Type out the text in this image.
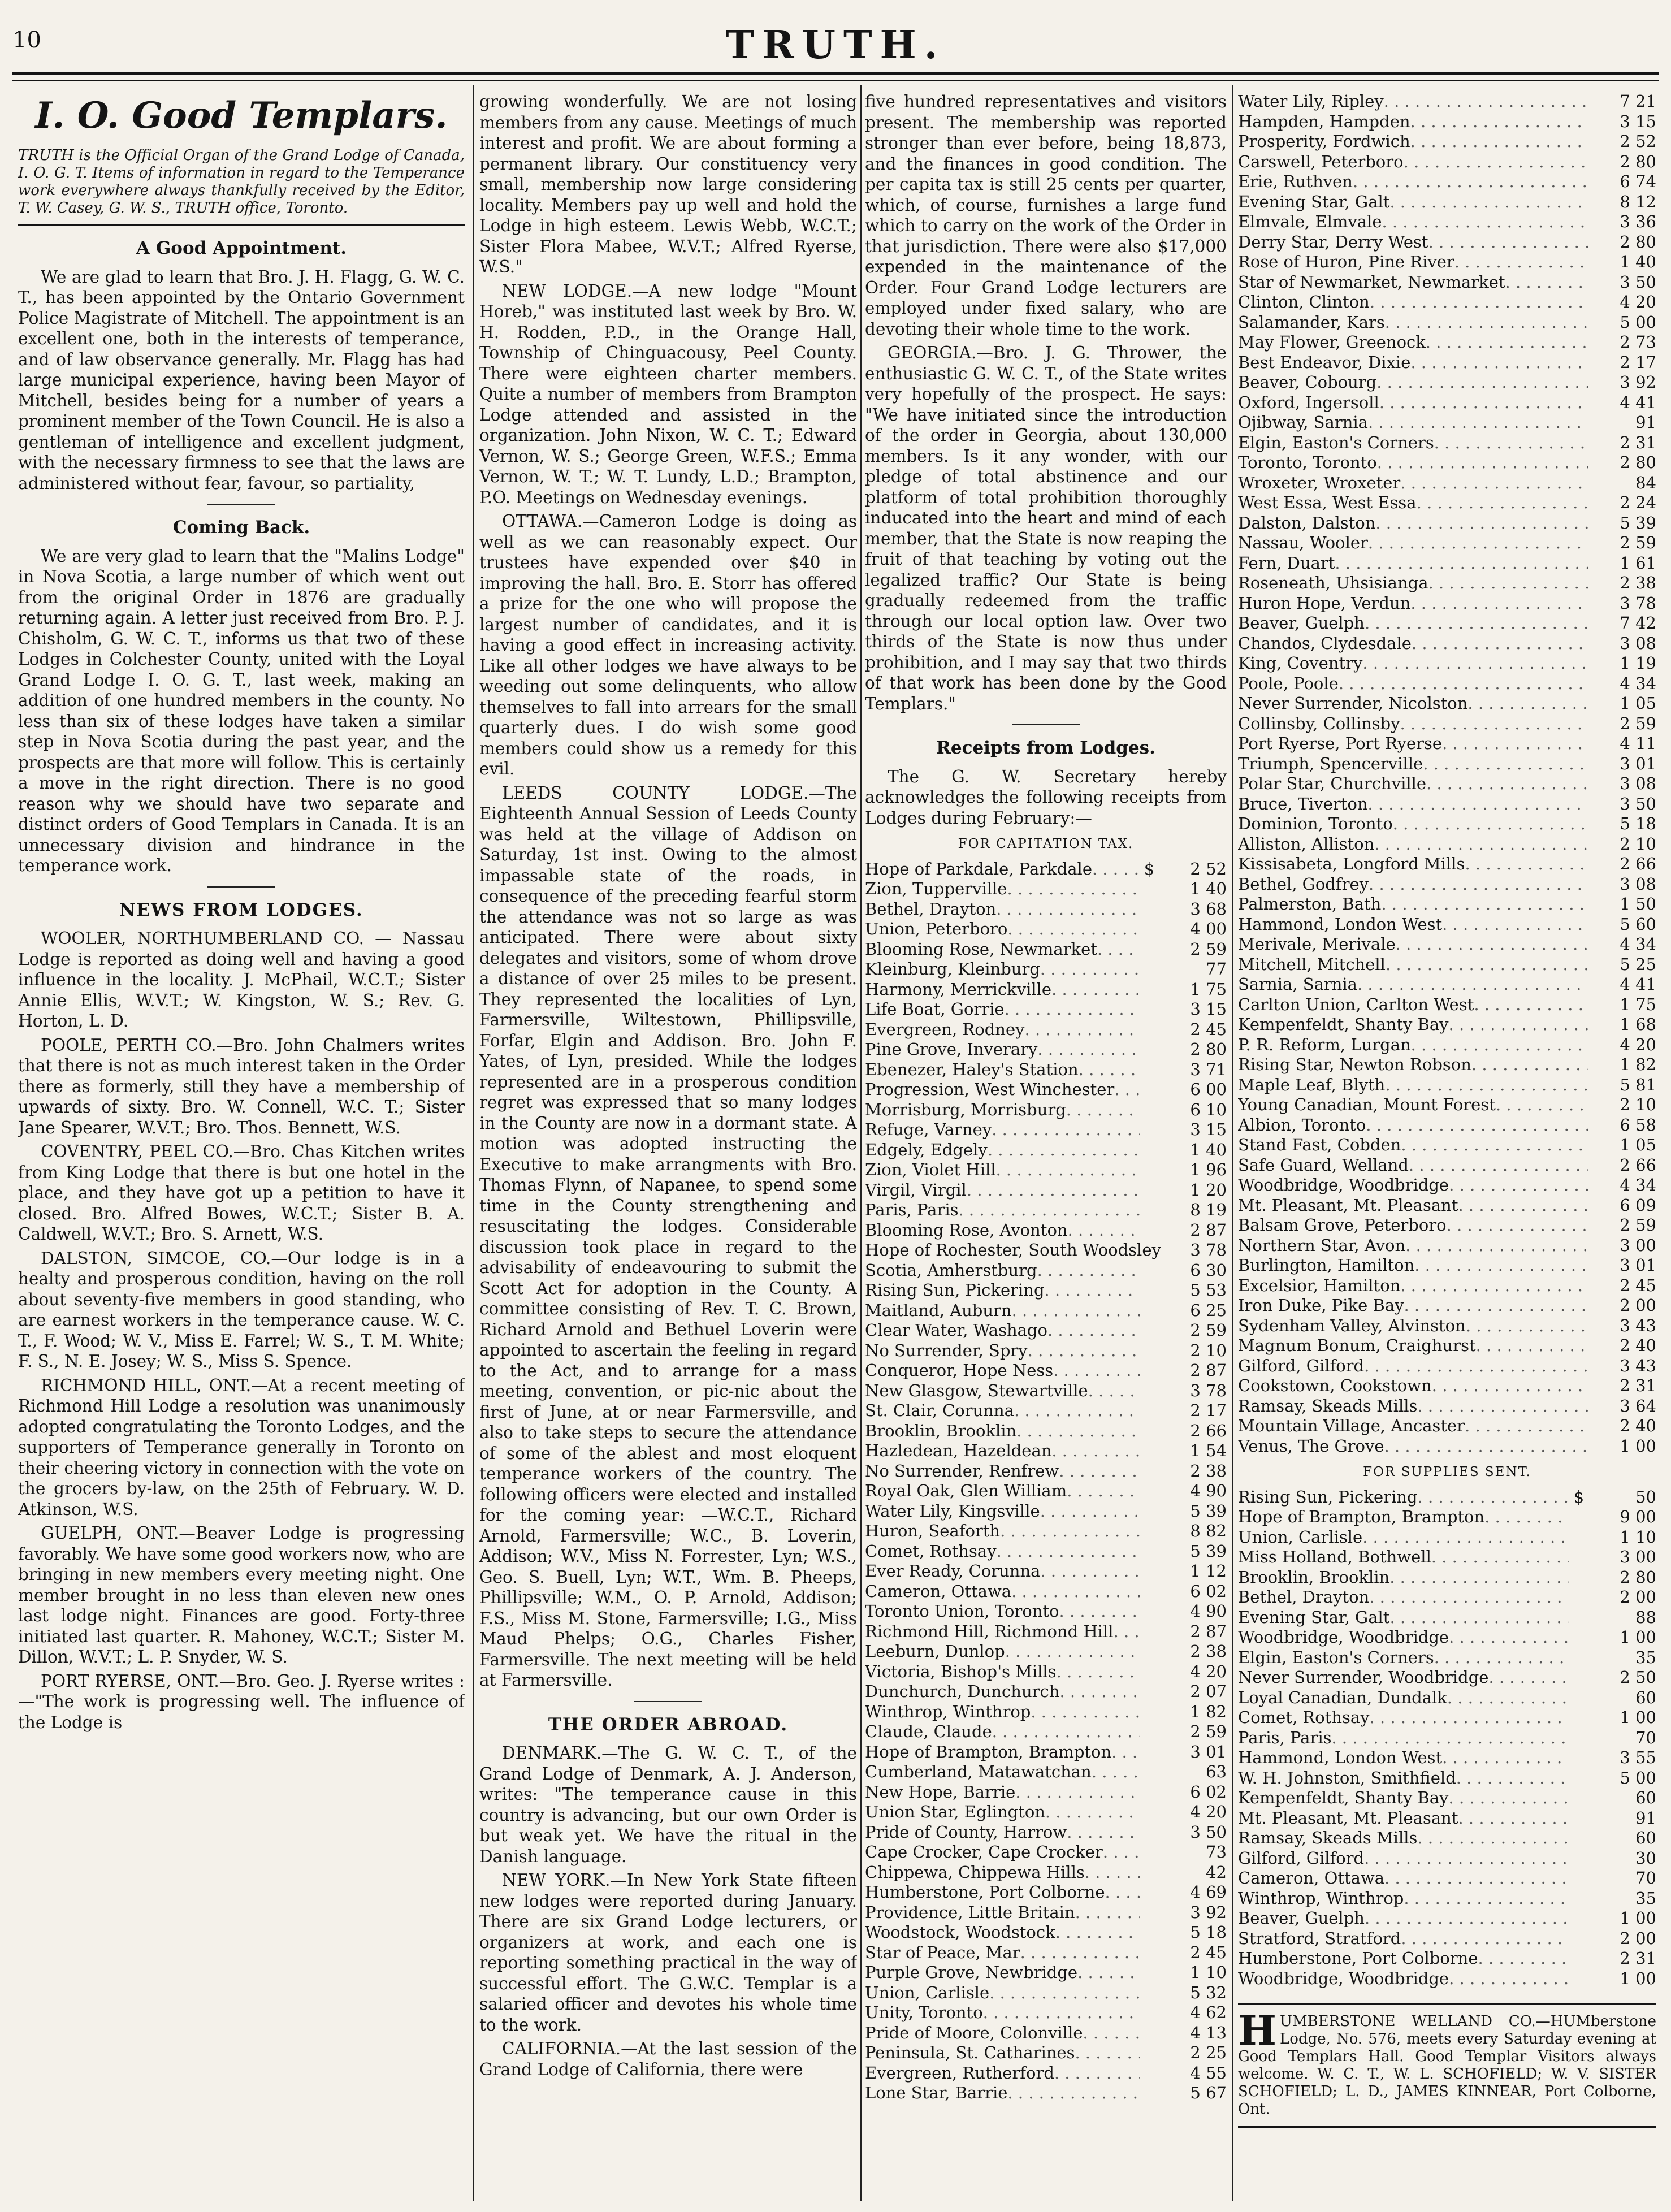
10	TRUTH.
I. O. Good Templars.
TRUTH is the Official Organ of the Grand Lodge of Canada, I. O. G. T. Items of information in regard to the Temperance work everywhere always thankfully received by the Editor, T. W. Casey, G. W. S., TRUTH office, Toronto.
A Good Appointment.

We are glad to learn that Bro. J. H. Flagg, G. W. C. T., has been appointed by the Ontario Government Police Magistrate of Mitchell. The appointment is an excellent one, both in the interests of temperance, and of law observance generally. Mr. Flagg has had large municipal experience, having been Mayor of Mitchell, besides being for a number of years a prominent member of the Town Council. He is also a gentleman of intelligence and excellent judgment, with the necessary firmness to see that the laws are administered without fear, favour, so partiality,

Coming Back.

We are very glad to learn that the "Malins Lodge" in Nova Scotia, a large number of which went out from the original Order in 1876 are gradually returning again. A letter just received from Bro. P. J. Chisholm, G. W. C. T., informs us that two of these Lodges in Colchester County, united with the Loyal Grand Lodge I. O. G. T., last week, making an addition of one hundred members in the county. No less than six of these lodges have taken a similar step in Nova Scotia during the past year, and the prospects are that more will follow. This is certainly a move in the right direction. There is no good reason why we should have two separate and distinct orders of Good Templars in Canada. It is an unnecessary division and hindrance in the temperance work.

NEWS FROM LODGES.

WOOLER, NORTHUMBERLAND CO. — Nassau Lodge is reported as doing well and having a good influence in the locality. J. McPhail, W.C.T.; Sister Annie Ellis, W.V.T.; W. Kingston, W. S.; Rev. G. Horton, L. D.

POOLE, PERTH CO.—Bro. John Chalmers writes that there is not as much interest taken in the Order there as formerly, still they have a membership of upwards of sixty. Bro. W. Connell, W.C. T.; Sister Jane Spearer, W.V.T.; Bro. Thos. Bennett, W.S.

COVENTRY, PEEL CO.—Bro. Chas Kitchen writes from King Lodge that there is but one hotel in the place, and they have got up a petition to have it closed. Bro. Alfred Bowes, W.C.T.; Sister B. A. Caldwell, W.V.T.; Bro. S. Arnett, W.S.

DALSTON, SIMCOE, CO.—Our lodge is in a healty and prosperous condition, having on the roll about seventy-five members in good standing, who are earnest workers in the temperance cause. W. C. T., F. Wood; W. V., Miss E. Farrel; W. S., T. M. White; F. S., N. E. Josey; W. S., Miss S. Spence.

RICHMOND HILL, ONT.—At a recent meeting of Richmond Hill Lodge a resolution was unanimously adopted congratulating the Toronto Lodges, and the supporters of Temperance generally in Toronto on their cheering victory in connection with the vote on the grocers by-law, on the 25th of February. W. D. Atkinson, W.S.

GUELPH, ONT.—Beaver Lodge is progressing favorably. We have some good workers now, who are bringing in new members every meeting night. One member brought in no less than eleven new ones last lodge night. Finances are good. Forty-three initiated last quarter. R. Mahoney, W.C.T.; Sister M. Dillon, W.V.T.; L. P. Snyder, W. S.

PORT RYERSE, ONT.—Bro. Geo. J. Ryerse writes :—"The work is progressing well. The influence of the Lodge is

growing wonderfully. We are not losing members from any cause. Meetings of much interest and profit. We are about forming a permanent library. Our constituency very small, membership now large considering locality. Members pay up well and hold the Lodge in high esteem. Lewis Webb, W.C.T.; Sister Flora Mabee, W.V.T.; Alfred Ryerse, W.S."

NEW LODGE.—A new lodge "Mount Horeb," was instituted last week by Bro. W. H. Rodden, P.D., in the Orange Hall, Township of Chinguacousy, Peel County. There were eighteen charter members. Quite a number of members from Brampton Lodge attended and assisted in the organization. John Nixon, W. C. T.; Edward Vernon, W. S.; George Green, W.F.S.; Emma Vernon, W. T.; W. T. Lundy, L.D.; Brampton, P.O. Meetings on Wednesday evenings.

OTTAWA.—Cameron Lodge is doing as well as we can reasonably expect. Our trustees have expended over $40 in improving the hall. Bro. E. Storr has offered a prize for the one who will propose the largest number of candidates, and it is having a good effect in increasing activity. Like all other lodges we have always to be weeding out some delinquents, who allow themselves to fall into arrears for the small quarterly dues. I do wish some good members could show us a remedy for this evil.

LEEDS COUNTY LODGE.—The Eighteenth Annual Session of Leeds County was held at the village of Addison on Saturday, 1st inst. Owing to the almost impassable state of the roads, in consequence of the preceding fearful storm the attendance was not so large as was anticipated. There were about sixty delegates and visitors, some of whom drove a distance of over 25 miles to be present. They represented the localities of Lyn, Farmersville, Wiltestown, Phillipsville, Forfar, Elgin and Addison. Bro. John F. Yates, of Lyn, presided. While the lodges represented are in a prosperous condition regret was expressed that so many lodges in the County are now in a dormant state. A motion was adopted instructing the Executive to make arrangments with Bro. Thomas Flynn, of Napanee, to spend some time in the County strengthening and resuscitating the lodges. Considerable discussion took place in regard to the advisability of endeavouring to submit the Scott Act for adoption in the County. A committee consisting of Rev. T. C. Brown, Richard Arnold and Bethuel Loverin were appointed to ascertain the feeling in regard to the Act, and to arrange for a mass meeting, convention, or pic-nic about the first of June, at or near Farmersville, and also to take steps to secure the attendance of some of the ablest and most eloquent temperance workers of the country. The following officers were elected and installed for the coming year: —W.C.T., Richard Arnold, Farmersville; W.C., B. Loverin, Addison; W.V., Miss N. Forrester, Lyn; W.S., Geo. S. Buell, Lyn; W.T., Wm. B. Pheeps, Phillipsville; W.M., O. P. Arnold, Addison; F.S., Miss M. Stone, Farmersville; I.G., Miss Maud Phelps; O.G., Charles Fisher, Farmersville. The next meeting will be held at Farmersville.

THE ORDER ABROAD.

DENMARK.—The G. W. C. T., of the Grand Lodge of Denmark, A. J. Anderson, writes: "The temperance cause in this country is advancing, but our own Order is but weak yet. We have the ritual in the Danish language.

NEW YORK.—In New York State fifteen new lodges were reported during January. There are six Grand Lodge lecturers, or organizers at work, and each one is reporting something practical in the way of successful effort. The G.W.C. Templar is a salaried officer and devotes his whole time to the work.

CALIFORNIA.—At the last session of the Grand Lodge of California, there were

five hundred representatives and visitors present. The membership was reported stronger than ever before, being 18,873, and the finances in good condition. The per capita tax is still 25 cents per quarter, which, of course, furnishes a large fund which to carry on the work of the Order in that jurisdiction. There were also $17,000 expended in the maintenance of the Order. Four Grand Lodge lecturers are employed under fixed salary, who are devoting their whole time to the work.

GEORGIA.—Bro. J. G. Thrower, the enthusiastic G. W. C. T., of the State writes very hopefully of the prospect. He says: "We have initiated since the introduction of the order in Georgia, about 130,000 members. Is it any wonder, with our pledge of total abstinence and our platform of total prohibition thoroughly inducated into the heart and mind of each member, that the State is now reaping the fruit of that teaching by voting out the legalized traffic? Our State is being gradually redeemed from the traffic through our local option law. Over two thirds of the State is now thus under prohibition, and I may say that two thirds of that work has been done by the Good Templars."

Receipts from Lodges.

The G. W. Secretary hereby acknowledges the following receipts from Lodges during February:—

FOR CAPITATION TAX.
Hope of Parkdale, Parkdale . . .	$	2 52
Zion, Tupperville . . .	1 40
Bethel, Drayton . . .	3 68
Union, Peterboro . . .	4 00
Blooming Rose, Newmarket . . .	2 59
Kleinburg, Kleinburg . . .	77
Harmony, Merrickville . . .	1 75
Life Boat, Gorrie . . .	3 15
Evergreen, Rodney . . .	2 45
Pine Grove, Inverary . . .	2 80
Ebenezer, Haley's Station . . .	3 71
Progression, West Winchester . . .	6 00
Morrisburg, Morrisburg . . .	6 10
Refuge, Varney . . .	3 15
Edgely, Edgely . . .	1 40
Zion, Violet Hill . . .	1 96
Virgil, Virgil . . .	1 20
Paris, Paris . . .	8 19
Blooming Rose, Avonton . . .	2 87
Hope of Rochester, South Woodsley	3 78
Scotia, Amherstburg . . .	6 30
Rising Sun, Pickering . . .	5 53
Maitland, Auburn . . .	6 25
Clear Water, Washago . . .	2 59
No Surrender, Spry . . .	2 10
Conqueror, Hope Ness . . .	2 87
New Glasgow, Stewartville . . .	3 78
St. Clair, Corunna . . .	2 17
Brooklin, Brooklin . . .	2 66
Hazledean, Hazeldean . . .	1 54
No Surrender, Renfrew . . .	2 38
Royal Oak, Glen William . . .	4 90
Water Lily, Kingsville . . .	5 39
Huron, Seaforth . . .	8 82
Comet, Rothsay . . .	5 39
Ever Ready, Corunna . . .	1 12
Cameron, Ottawa . . .	6 02
Toronto Union, Toronto . . .	4 90
Richmond Hill, Richmond Hill . . .	2 87
Leeburn, Dunlop . . .	2 38
Victoria, Bishop's Mills . . .	4 20
Dunchurch, Dunchurch . . .	2 07
Winthrop, Winthrop . . .	1 82
Claude, Claude . . .	2 59
Hope of Brampton, Brampton . . .	3 01
Cumberland, Matawatchan . . .	63
New Hope, Barrie . . .	6 02
Union Star, Eglington . . .	4 20
Pride of County, Harrow . . .	3 50
Cape Crocker, Cape Crocker . . .	73
Chippewa, Chippewa Hills . . .	42
Humberstone, Port Colborne . . .	4 69
Providence, Little Britain . . .	3 92
Woodstock, Woodstock . . .	5 18
Star of Peace, Mar . . .	2 45
Purple Grove, Newbridge . . .	1 10
Union, Carlisle . . .	5 32
Unity, Toronto . . .	4 62
Pride of Moore, Colonville . . .	4 13
Peninsula, St. Catharines . . .	2 25
Evergreen, Rutherford . . .	4 55
Lone Star, Barrie . . .	5 67
Water Lily, Ripley . . .	7 21
Hampden, Hampden . . .	3 15
Prosperity, Fordwich . . .	2 52
Carswell, Peterboro . . .	2 80
Erie, Ruthven . . .	6 74
Evening Star, Galt . . .	8 12
Elmvale, Elmvale . . .	3 36
Derry Star, Derry West . . .	2 80
Rose of Huron, Pine River . . .	1 40
Star of Newmarket, Newmarket . . .	3 50
Clinton, Clinton . . .	4 20
Salamander, Kars . . .	5 00
May Flower, Greenock . . .	2 73
Best Endeavor, Dixie . . .	2 17
Beaver, Cobourg . . .	3 92
Oxford, Ingersoll . . .	4 41
Ojibway, Sarnia . . .	91
Elgin, Easton's Corners . . .	2 31
Toronto, Toronto . . .	2 80
Wroxeter, Wroxeter . . .	84
West Essa, West Essa . . .	2 24
Dalston, Dalston . . .	5 39
Nassau, Wooler . . .	2 59
Fern, Duart . . .	1 61
Roseneath, Uhsisianga . . .	2 38
Huron Hope, Verdun . . .	3 78
Beaver, Guelph . . .	7 42
Chandos, Clydesdale . . .	3 08
King, Coventry . . .	1 19
Poole, Poole . . .	4 34
Never Surrender, Nicolston . . .	1 05
Collinsby, Collinsby . . .	2 59
Port Ryerse, Port Ryerse . . .	4 11
Triumph, Spencerville . . .	3 01
Polar Star, Churchville . . .	3 08
Bruce, Tiverton . . .	3 50
Dominion, Toronto . . .	5 18
Alliston, Alliston . . .	2 10
Kissisabeta, Longford Mills . . .	2 66
Bethel, Godfrey . . .	3 08
Palmerston, Bath . . .	1 50
Hammond, London West . . .	5 60
Merivale, Merivale . . .	4 34
Mitchell, Mitchell . . .	5 25
Sarnia, Sarnia . . .	4 41
Carlton Union, Carlton West . . .	1 75
Kempenfeldt, Shanty Bay . . .	1 68
P. R. Reform, Lurgan . . .	4 20
Rising Star, Newton Robson . . .	1 82
Maple Leaf, Blyth . . .	5 81
Young Canadian, Mount Forest . . .	2 10
Albion, Toronto . . .	6 58
Stand Fast, Cobden . . .	1 05
Safe Guard, Welland . . .	2 66
Woodbridge, Woodbridge . . .	4 34
Mt. Pleasant, Mt. Pleasant . . .	6 09
Balsam Grove, Peterboro . . .	2 59
Northern Star, Avon . . .	3 00
Burlington, Hamilton . . .	3 01
Excelsior, Hamilton . . .	2 45
Iron Duke, Pike Bay . . .	2 00
Sydenham Valley, Alvinston . . .	3 43
Magnum Bonum, Craighurst . . .	2 40
Gilford, Gilford . . .	3 43
Cookstown, Cookstown . . .	2 31
Ramsay, Skeads Mills . . .	3 64
Mountain Village, Ancaster . . .	2 40
Venus, The Grove . . .	1 00
FOR SUPPLIES SENT.
Rising Sun, Pickering . . .	$	50
Hope of Brampton, Brampton . . .	9 00
Union, Carlisle . . .	1 10
Miss Holland, Bothwell . . .	3 00
Brooklin, Brooklin . . .	2 80
Bethel, Drayton . . .	2 00
Evening Star, Galt . . .	88
Woodbridge, Woodbridge . . .	1 00
Elgin, Easton's Corners . . .	35
Never Surrender, Woodbridge . . .	2 50
Loyal Canadian, Dundalk . . .	60
Comet, Rothsay . . .	1 00
Paris, Paris . . .	70
Hammond, London West . . .	3 55
W. H. Johnston, Smithfield . . .	5 00
Kempenfeldt, Shanty Bay . . .	60
Mt. Pleasant, Mt. Pleasant . . .	91
Ramsay, Skeads Mills . . .	60
Gilford, Gilford . . .	30
Cameron, Ottawa . . .	70
Winthrop, Winthrop . . .	35
Beaver, Guelph . . .	1 00
Stratford, Stratford . . .	2 00
Humberstone, Port Colborne . . .	2 31
Woodbridge, Woodbridge . . .	1 00
H UMBERSTONE WELLAND CO.—HUMberstone Lodge, No. 576, meets every Saturday evening at Good Templars Hall. Good Templar Visitors always welcome. W. C. T., W. L. SCHOFIELD; W. V. SISTER SCHOFIELD; L. D., JAMES KINNEAR, Port Colborne, Ont.
